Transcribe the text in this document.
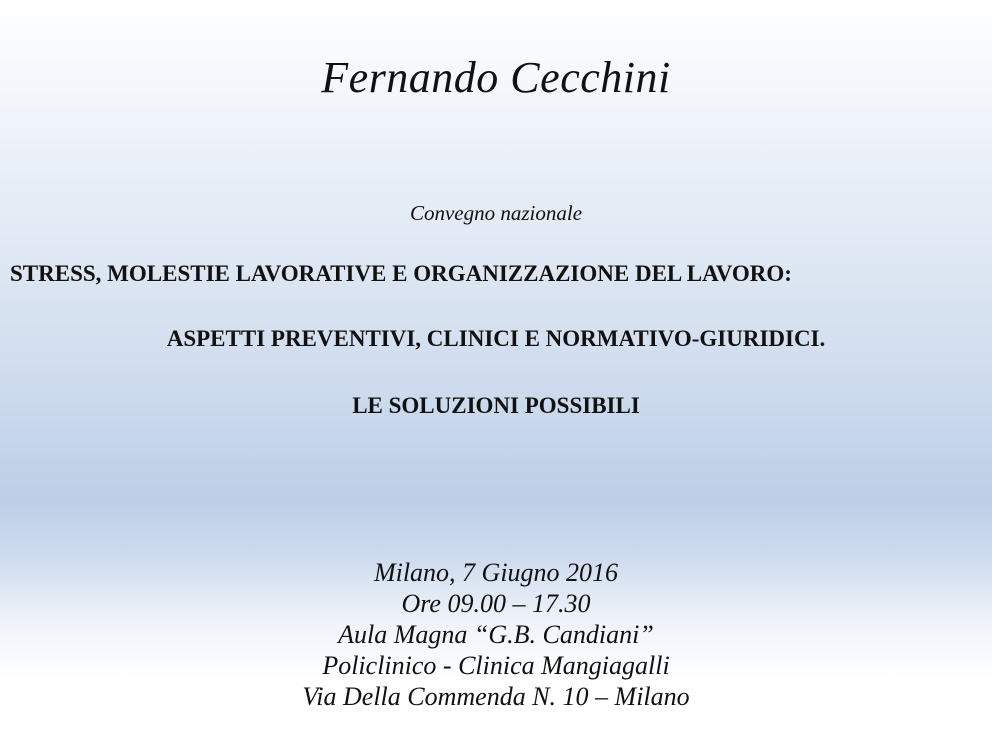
Fernando Cecchini
Convegno nazionale
STRESS, MOLESTIE LAVORATIVE E ORGANIZZAZIONE DEL LAVORO:
ASPETTI PREVENTIVI, CLINICI E NORMATIVO-GIURIDICI.
LE SOLUZIONI POSSIBILI
Milano, 7 Giugno 2016
Ore 09.00 – 17.30
Aula Magna “G.B. Candiani”
Policlinico - Clinica Mangiagalli
Via Della Commenda N. 10 – Milano
